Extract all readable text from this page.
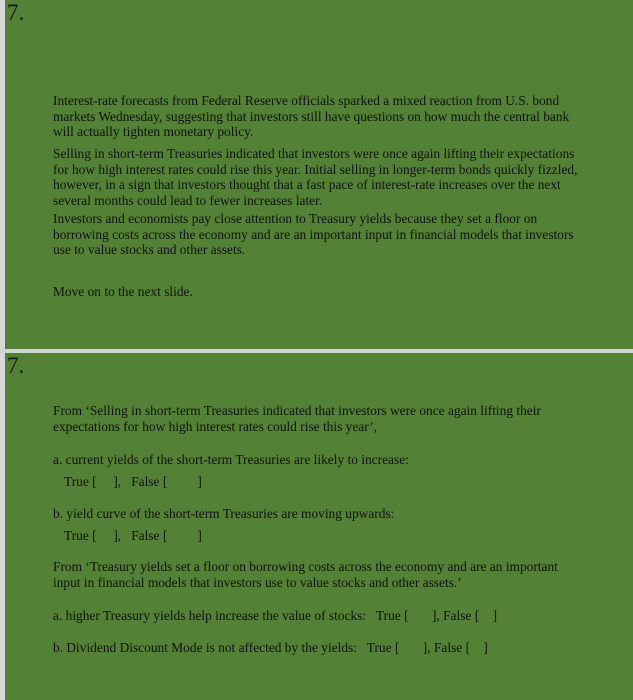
7.

Interest-rate forecasts from Federal Reserve officials sparked a mixed reaction from U.S. bond markets Wednesday, suggesting that investors still have questions on how much the central bank will actually tighten monetary policy.

Selling in short-term Treasuries indicated that investors were once again lifting their expectations for how high interest rates could rise this year. Initial selling in longer-term bonds quickly fizzled, however, in a sign that investors thought that a fast pace of interest-rate increases over the next several months could lead to fewer increases later.

Investors and economists pay close attention to Treasury yields because they set a floor on borrowing costs across the economy and are an important input in financial models that investors use to value stocks and other assets.

Move on to the next slide.

7.

From ‘Selling in short-term Treasuries indicated that investors were once again lifting their expectations for how high interest rates could rise this year’,

a. current yields of the short-term Treasuries are likely to increase:
True [     ],   False [         ]
b. yield curve of the short-term Treasuries are moving upwards:
True [     ],   False [         ]

From ‘Treasury yields set a floor on borrowing costs across the economy and are an important input in financial models that investors use to value stocks and other assets.’

a. higher Treasury yields help increase the value of stocks:   True [       ], False [    ]
b. Dividend Discount Mode is not affected by the yields:   True [       ], False [    ]
